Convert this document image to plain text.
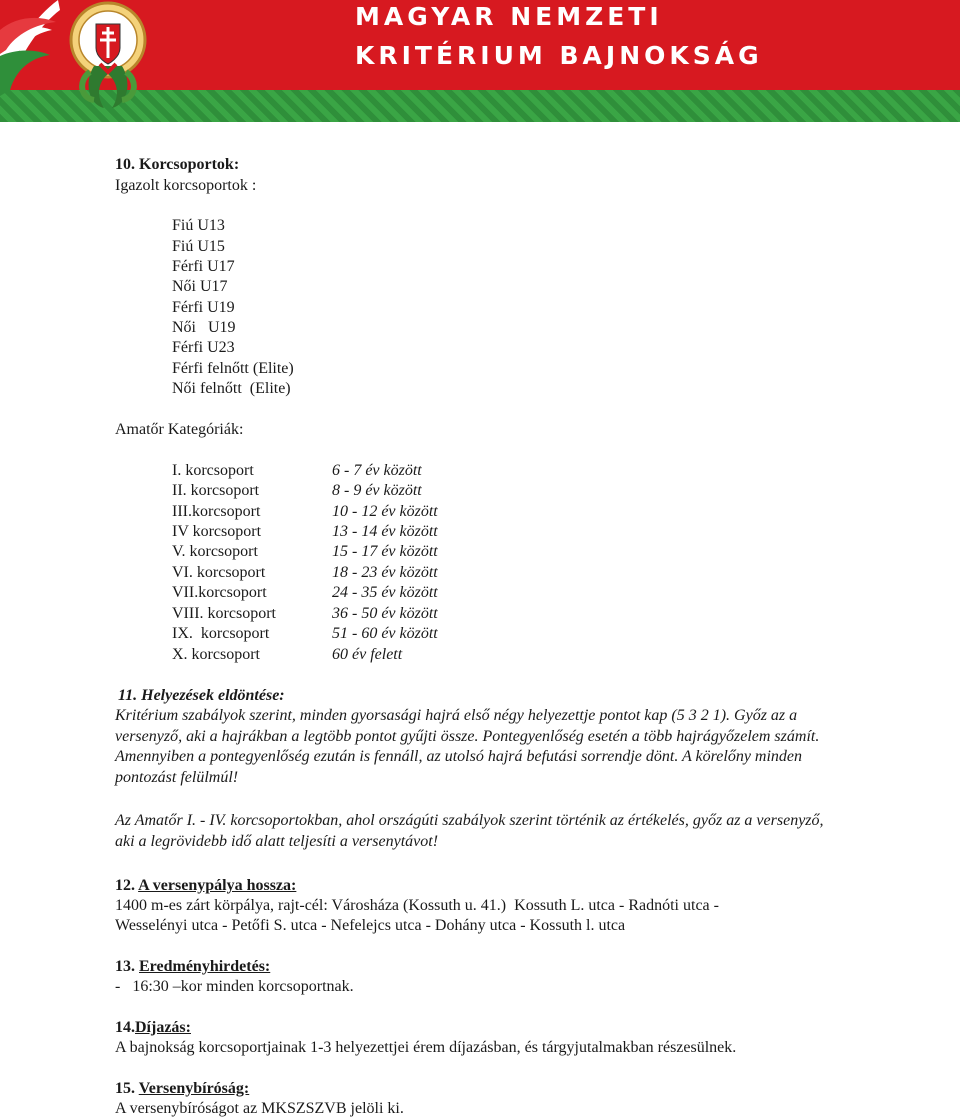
MAGYAR NEMZETI
KRITÉRIUM BAJNOKSÁG
10. Korcsoportok:
Igazolt korcsoportok :
Fiú U13
Fiú U15
Férfi U17
Női U17
Férfi U19
Női   U19
Férfi U23
Férfi felnőtt (Elite)
Női felnőtt  (Elite)
Amatőr Kategóriák:
I. korcsoport	6 - 7 év között
II. korcsoport	8 - 9 év között
III.korcsoport	10 - 12 év között
IV korcsoport	13 - 14 év között
V. korcsoport	15 - 17 év között
VI. korcsoport	18 - 23 év között
VII.korcsoport	24 - 35 év között
VIII. korcsoport	36 - 50 év között
IX.  korcsoport	51 - 60 év között
X. korcsoport	60 év felett
11. Helyezések eldöntése:
Kritérium szabályok szerint, minden gyorsasági hajrá első négy helyezettje pontot kap (5 3 2 1). Győz az a versenyző, aki a hajrákban a legtöbb pontot gyűjti össze. Pontegyenlőség esetén a több hajrágyőzelem számít. Amennyiben a pontegyenlőség ezután is fennáll, az utolsó hajrá befutási sorrendje dönt. A körelőny minden pontozást felülmúl!
Az Amatőr I. - IV. korcsoportokban, ahol országúti szabályok szerint történik az értékelés, győz az a versenyző, aki a legrövidebb idő alatt teljesíti a versenytávot!
12. A versenypálya hossza:
1400 m-es zárt körpálya, rajt-cél: Városháza (Kossuth u. 41.)  Kossuth L. utca - Radnóti utca -
Wesselényi utca - Petőfi S. utca - Nefelejcs utca - Dohány utca - Kossuth l. utca
13. Eredményhirdetés:
-   16:30 –kor minden korcsoportnak.
14.Díjazás:
A bajnokság korcsoportjainak 1-3 helyezettjei érem díjazásban, és tárgyjutalmakban részesülnek.
15. Versenybíróság:
A versenybíróságot az MKSZSZVB jelöli ki.
